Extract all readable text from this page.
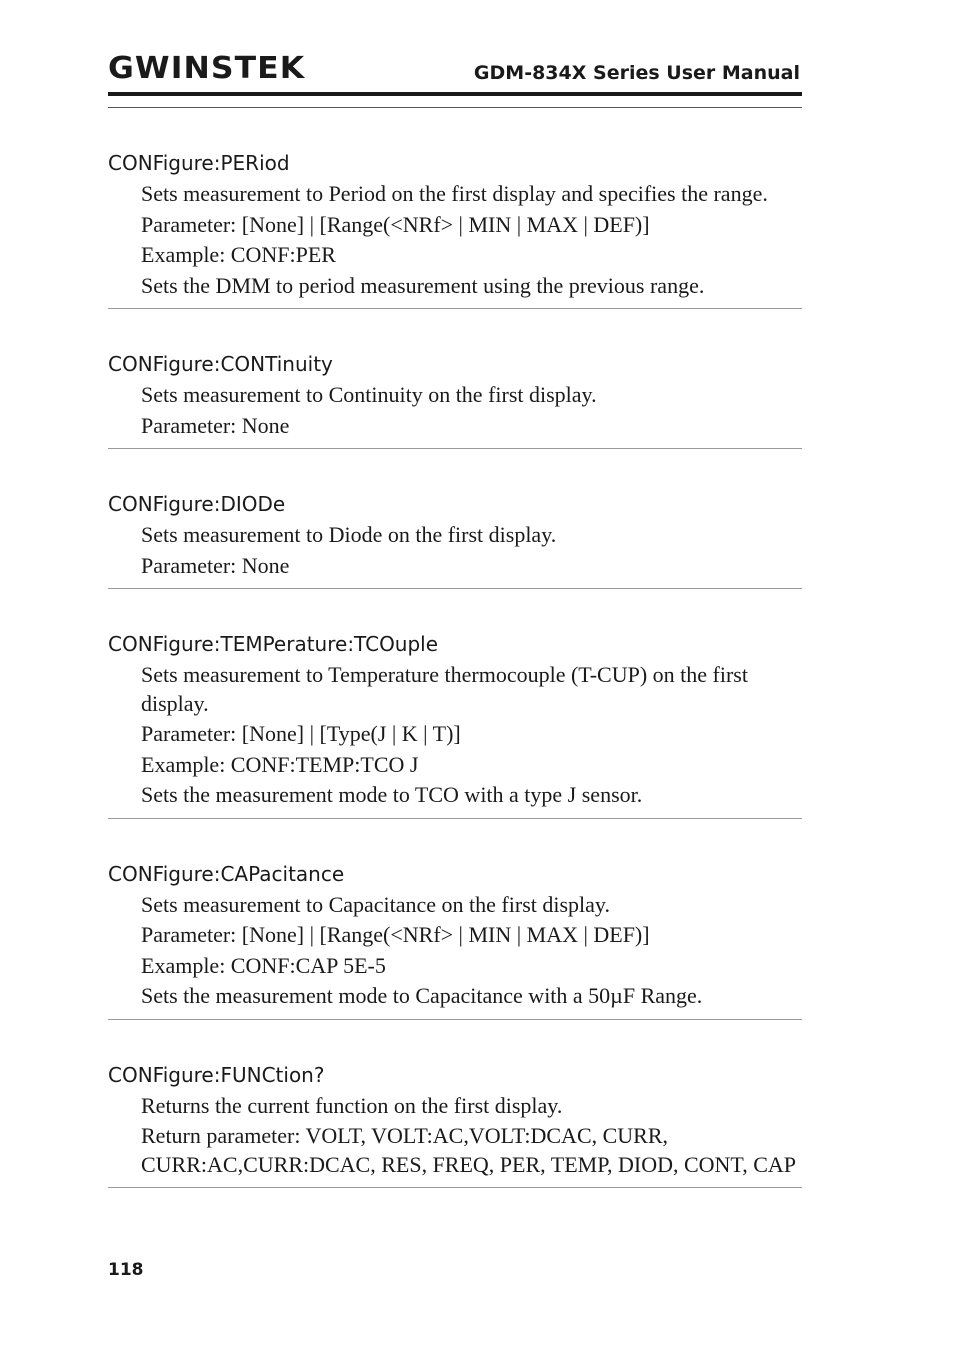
GWINSTEK	GDM-834X Series User Manual
CONFigure:PERiod

Sets measurement to Period on the first display and specifies the range.

Parameter: [None] | [Range(<NRf> | MIN | MAX | DEF)]

Example: CONF:PER

Sets the DMM to period measurement using the previous range.

CONFigure:CONTinuity

Sets measurement to Continuity on the first display.

Parameter: None

CONFigure:DIODe

Sets measurement to Diode on the first display.

Parameter: None

CONFigure:TEMPerature:TCOuple

Sets measurement to Temperature thermocouple (T-CUP) on the first display.

Parameter: [None] | [Type(J | K | T)]

Example: CONF:TEMP:TCO J

Sets the measurement mode to TCO with a type J sensor.

CONFigure:CAPacitance

Sets measurement to Capacitance on the first display.

Parameter: [None] | [Range(<NRf> | MIN | MAX | DEF)]

Example: CONF:CAP 5E-5

Sets the measurement mode to Capacitance with a 50µF Range.

CONFigure:FUNCtion?

Returns the current function on the first display.

Return parameter: VOLT, VOLT:AC,VOLT:DCAC, CURR, CURR:AC,CURR:DCAC, RES, FREQ, PER, TEMP, DIOD, CONT, CAP

118
